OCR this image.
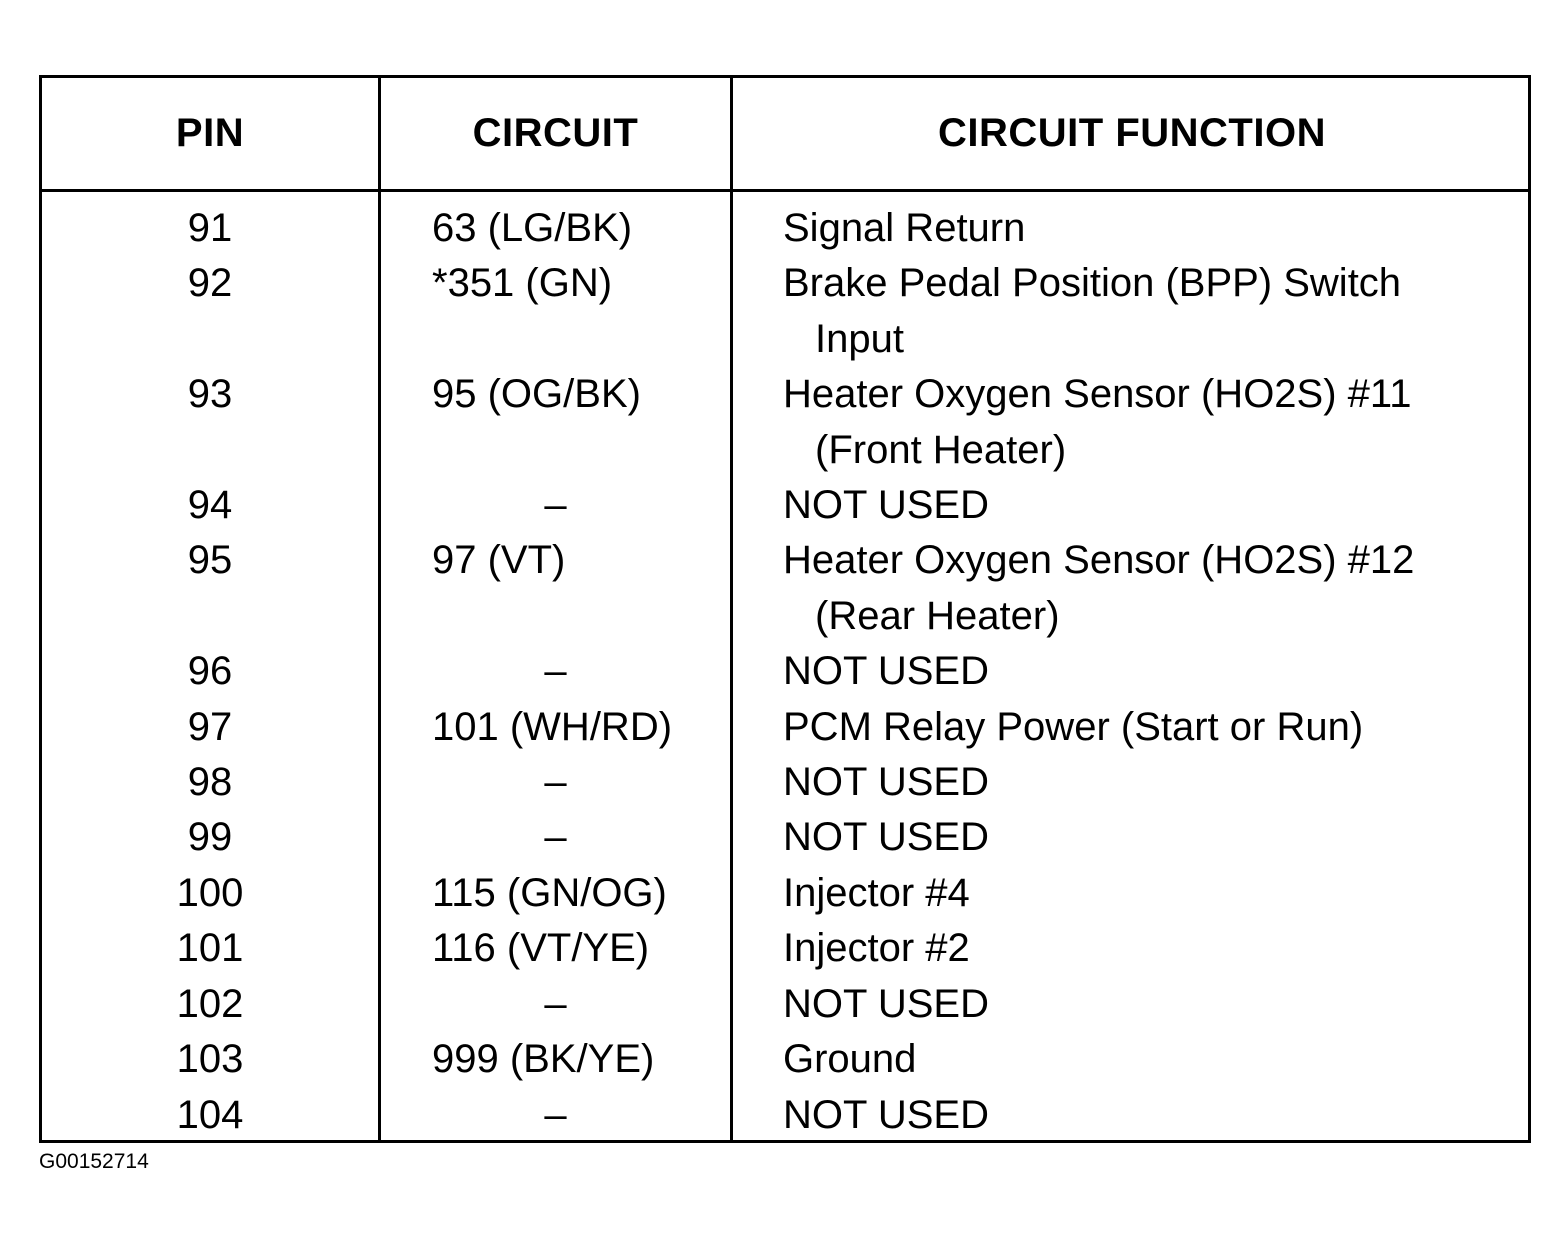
PIN	CIRCUIT	CIRCUIT FUNCTION
91	63 (LG/BK)	Signal Return
92	*351 (GN)	Brake Pedal Position (BPP) Switch
Input
93	95 (OG/BK)	Heater Oxygen Sensor (HO2S) #11
(Front Heater)
94	–	NOT USED
95	97 (VT)	Heater Oxygen Sensor (HO2S) #12
(Rear Heater)
96	–	NOT USED
97	101 (WH/RD)	PCM Relay Power (Start or Run)
98	–	NOT USED
99	–	NOT USED
100	115 (GN/OG)	Injector #4
101	116 (VT/YE)	Injector #2
102	–	NOT USED
103	999 (BK/YE)	Ground
104	–	NOT USED
G00152714
